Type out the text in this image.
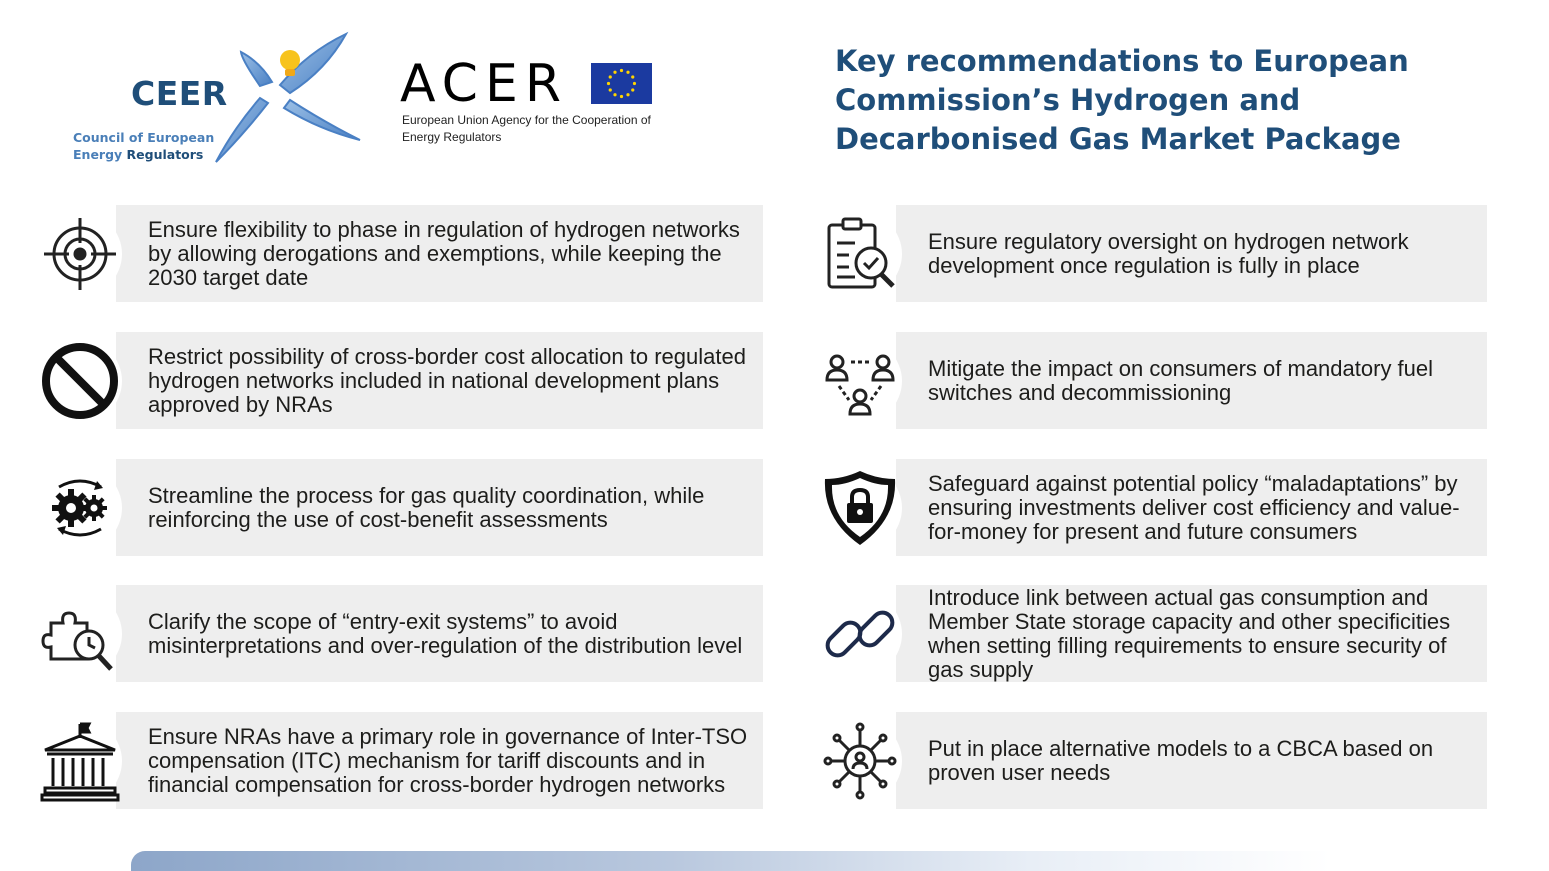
CEER
Council of European
Energy Regulators
ACER
European Union Agency for the Cooperation of Energy Regulators
Key recommendations to European Commission’s Hydrogen and Decarbonised Gas Market Package
Ensure flexibility to phase in regulation of hydrogen networks by allowing derogations and exemptions, while keeping the 2030 target date
Restrict possibility of cross-border cost allocation to regulated hydrogen networks included in national development plans approved by NRAs
Streamline the process for gas quality coordination, while reinforcing the use of cost-benefit assessments
Clarify the scope of “entry-exit systems” to avoid misinterpretations and over-regulation of the distribution level
Ensure NRAs have a primary role in governance of Inter-TSO compensation (ITC) mechanism for tariff discounts and in financial compensation for cross-border hydrogen networks
Ensure regulatory oversight on hydrogen network development once regulation is fully in place
Mitigate the impact on consumers of mandatory fuel switches and decommissioning
Safeguard against potential policy “maladaptations” by ensuring investments deliver cost efficiency and value-for-money for present and future consumers
Introduce link between actual gas consumption and Member State storage capacity and other specificities when setting filling requirements to ensure security of gas supply
Put in place alternative models to a CBCA based on proven user needs
